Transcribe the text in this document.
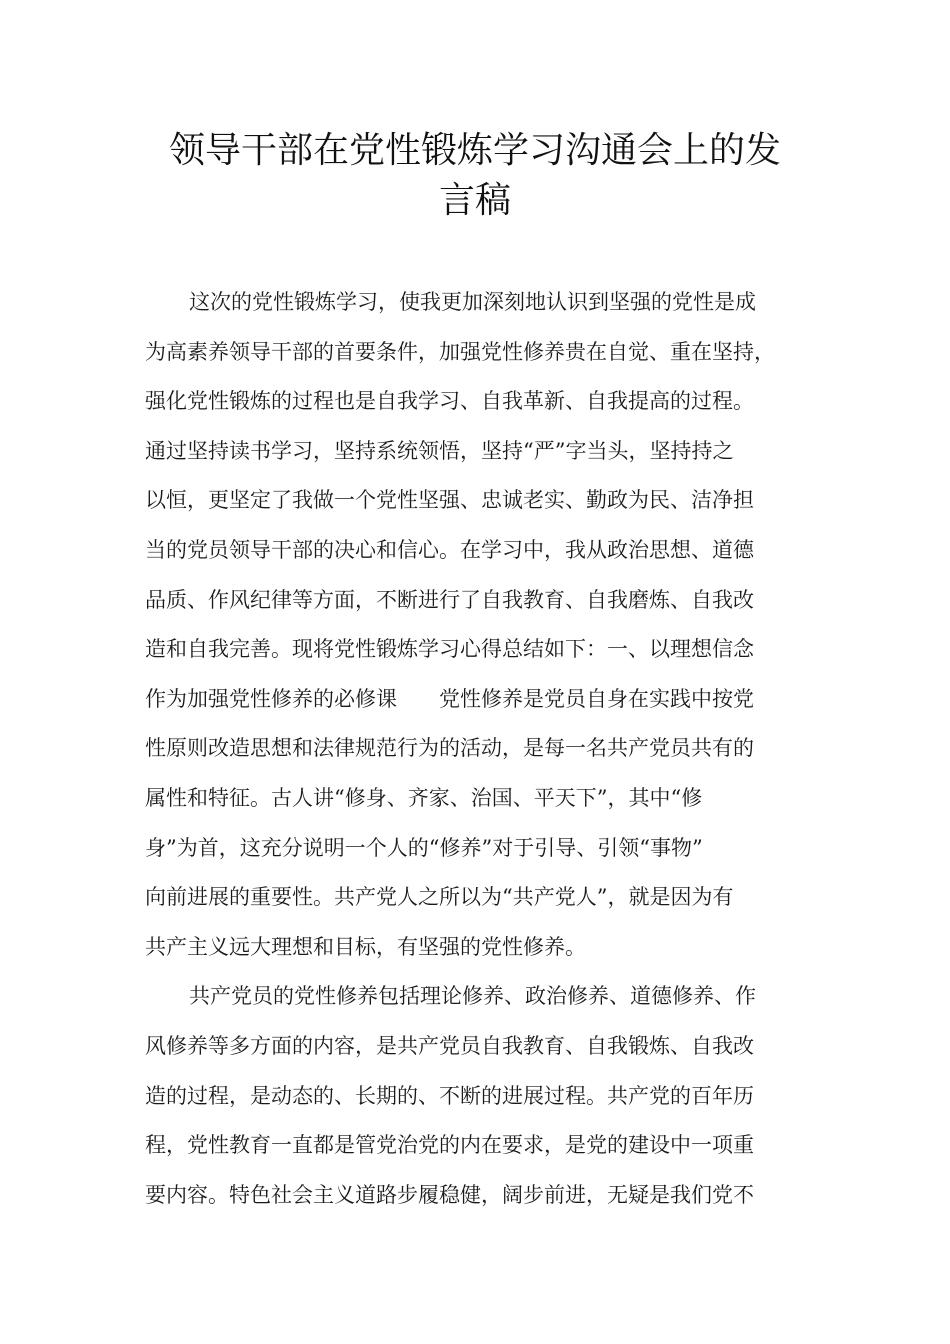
领导干部在党性锻炼学习沟通会上的发
言稿
这次的党性锻炼学习，使我更加深刻地认识到坚强的党性是成
为高素养领导干部的首要条件，加强党性修养贵在自觉、重在坚持，
强化党性锻炼的过程也是自我学习、自我革新、自我提高的过程。
通过坚持读书学习，坚持系统领悟，坚持“严”字当头，坚持持之
以恒，更坚定了我做一个党性坚强、忠诚老实、勤政为民、洁净担
当的党员领导干部的决心和信心。在学习中，我从政治思想、道德
品质、作风纪律等方面，不断进行了自我教育、自我磨炼、自我改
造和自我完善。现将党性锻炼学习心得总结如下：一、以理想信念
作为加强党性修养的必修课　　党性修养是党员自身在实践中按党
性原则改造思想和法律规范行为的活动，是每一名共产党员共有的
属性和特征。古人讲“修身、齐家、治国、平天下”，其中“修
身”为首，这充分说明一个人的“修养”对于引导、引领“事物”
向前进展的重要性。共产党人之所以为“共产党人”，就是因为有
共产主义远大理想和目标，有坚强的党性修养。
共产党员的党性修养包括理论修养、政治修养、道德修养、作
风修养等多方面的内容，是共产党员自我教育、自我锻炼、自我改
造的过程，是动态的、长期的、不断的进展过程。共产党的百年历
程，党性教育一直都是管党治党的内在要求，是党的建设中一项重
要内容。特色社会主义道路步履稳健，阔步前进，无疑是我们党不
